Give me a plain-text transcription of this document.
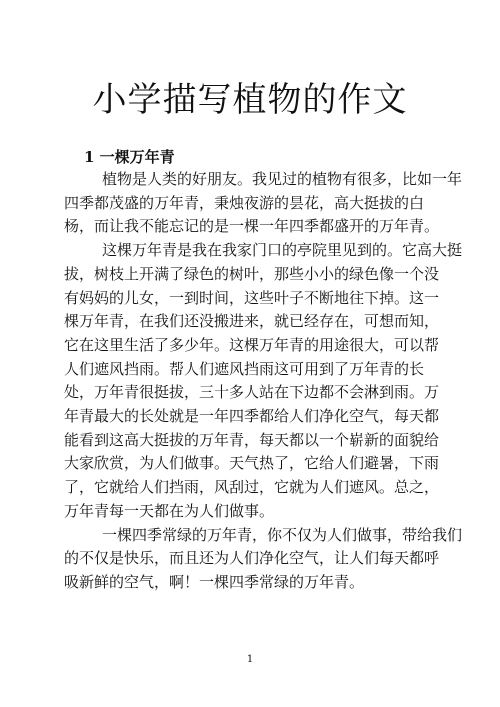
小学描写植物的作文
1 一棵万年青

植物是人类的好朋友。我见过的植物有很多，比如一年
四季都茂盛的万年青，秉烛夜游的昙花，高大挺拔的白
杨，而让我不能忘记的是一棵一年四季都盛开的万年青。

这棵万年青是我在我家门口的亭院里见到的。它高大挺
拔，树枝上开满了绿色的树叶，那些小小的绿色像一个没
有妈妈的儿女，一到时间，这些叶子不断地往下掉。这一
棵万年青，在我们还没搬进来，就已经存在，可想而知，
它在这里生活了多少年。这棵万年青的用途很大，可以帮
人们遮风挡雨。帮人们遮风挡雨这可用到了万年青的长
处，万年青很挺拔，三十多人站在下边都不会淋到雨。万
年青最大的长处就是一年四季都给人们净化空气，每天都
能看到这高大挺拔的万年青，每天都以一个崭新的面貌给
大家欣赏，为人们做事。天气热了，它给人们避暑，下雨
了，它就给人们挡雨，风刮过，它就为人们遮风。总之，
万年青每一天都在为人们做事。

一棵四季常绿的万年青，你不仅为人们做事，带给我们
的不仅是快乐，而且还为人们净化空气，让人们每天都呼
吸新鲜的空气，啊！一棵四季常绿的万年青。

1
